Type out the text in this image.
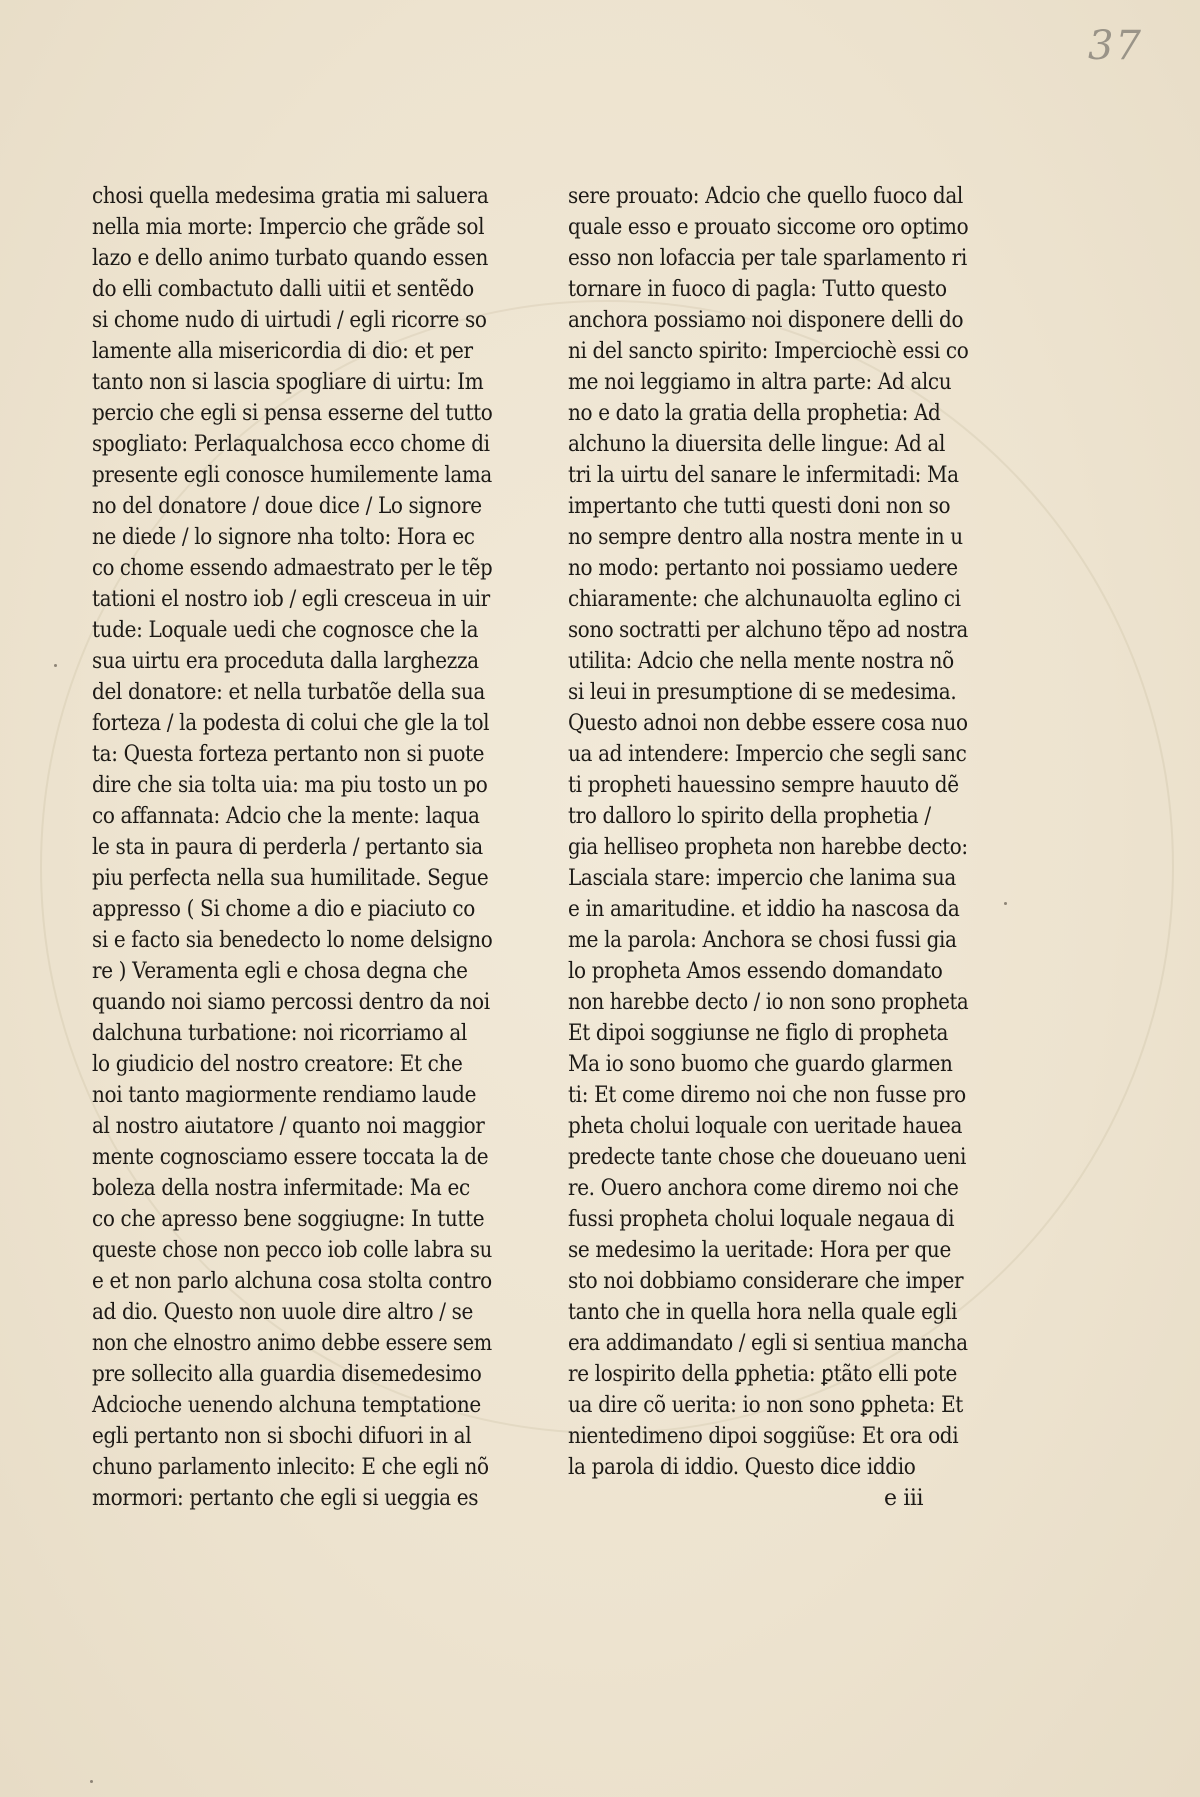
37
chosi quella medesima gratia mi saluera
nella mia morte: Impercio che grãde sol
lazo e dello animo turbato quando essen
do elli combactuto dalli uitii et sentẽdo
si chome nudo di uirtudi / egli ricorre so
lamente alla misericordia di dio: et per
tanto non si lascia spogliare di uirtu: Im
percio che egli si pensa esserne del tutto
spogliato: Perlaqualchosa ecco chome di
presente egli conosce humilemente lama
no del donatore / doue dice / Lo signore
ne diede / lo signore nha tolto: Hora ec
co chome essendo admaestrato per le tẽp
tationi el nostro iob / egli cresceua in uir
tude: Loquale uedi che cognosce che la
sua uirtu era proceduta dalla larghezza
del donatore: et nella turbatõe della sua
forteza / la podesta di colui che gle la tol
ta: Questa forteza pertanto non si puote
dire che sia tolta uia: ma piu tosto un po
co affannata: Adcio che la mente: laqua
le sta in paura di perderla / pertanto sia
piu perfecta nella sua humilitade. Segue
appresso ( Si chome a dio e piaciuto co
si e facto sia benedecto lo nome delsigno
re ) Veramenta egli e chosa degna che
quando noi siamo percossi dentro da noi
dalchuna turbatione: noi ricorriamo al
lo giudicio del nostro creatore: Et che
noi tanto magiormente rendiamo laude
al nostro aiutatore / quanto noi maggior
mente cognosciamo essere toccata la de
boleza della nostra infermitade: Ma ec
co che apresso bene soggiugne: In tutte
queste chose non pecco iob colle labra su
e et non parlo alchuna cosa stolta contro
ad dio. Questo non uuole dire altro / se
non che elnostro animo debbe essere sem
pre sollecito alla guardia disemedesimo
Adcioche uenendo alchuna temptatione
egli pertanto non si sbochi difuori in al
chuno parlamento inlecito: E che egli nõ
mormori: pertanto che egli si ueggia es
sere prouato: Adcio che quello fuoco dal
quale esso e prouato siccome oro optimo
esso non lofaccia per tale sparlamento ri
tornare in fuoco di pagla: Tutto questo
anchora possiamo noi disponere delli do
ni del sancto spirito: Imperciochè essi co
me noi leggiamo in altra parte: Ad alcu
no e dato la gratia della prophetia: Ad
alchuno la diuersita delle lingue: Ad al
tri la uirtu del sanare le infermitadi: Ma
impertanto che tutti questi doni non so
no sempre dentro alla nostra mente in u
no modo: pertanto noi possiamo uedere
chiaramente: che alchunauolta eglino ci
sono soctratti per alchuno tẽpo ad nostra
utilita: Adcio che nella mente nostra nõ
si leui in presumptione di se medesima.
Questo adnoi non debbe essere cosa nuo
ua ad intendere: Impercio che segli sanc
ti propheti hauessino sempre hauuto dẽ
tro dalloro lo spirito della prophetia /
gia helliseo propheta non harebbe decto:
Lasciala stare: impercio che lanima sua
e in amaritudine. et iddio ha nascosa da
me la parola: Anchora se chosi fussi gia
lo propheta Amos essendo domandato
non harebbe decto / io non sono propheta
Et dipoi soggiunse ne figlo di propheta
Ma io sono buomo che guardo glarmen
ti: Et come diremo noi che non fusse pro
pheta cholui loquale con ueritade hauea
predecte tante chose che doueuano ueni
re. Ouero anchora come diremo noi che
fussi propheta cholui loquale negaua di
se medesimo la ueritade: Hora per que
sto noi dobbiamo considerare che imper
tanto che in quella hora nella quale egli
era addimandato / egli si sentiua mancha
re lospirito della ꝑphetia: ꝑtãto elli pote
ua dire cõ uerita: io non sono ꝑpheta: Et
nientedimeno dipoi soggiũse: Et ora odi
la parola di iddio. Questo dice iddio
e iii
